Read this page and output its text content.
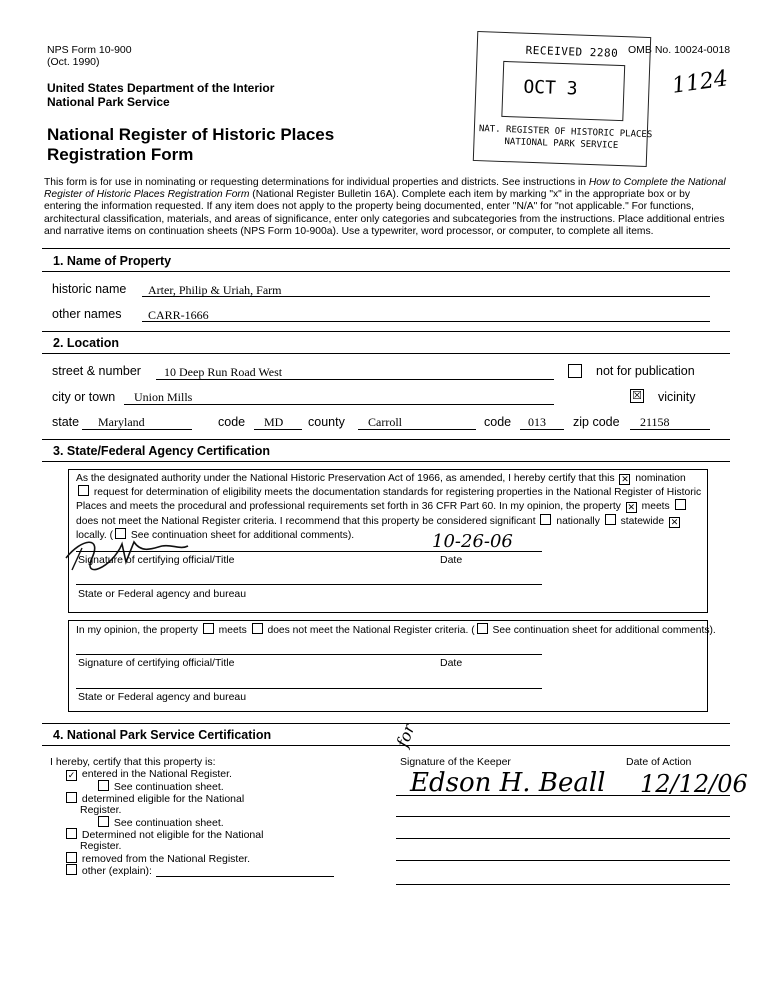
NPS Form 10-900
(Oct. 1990)
OMB No. 10024-0018
United States Department of the Interior
National Park Service
National Register of Historic Places
Registration Form
1124
RECEIVED 2280
OCT 3
NAT. REGISTER OF HISTORIC PLACES
NATIONAL PARK SERVICE
This form is for use in nominating or requesting determinations for individual properties and districts. See instructions in How to Complete the National Register of Historic Places Registration Form (National Register Bulletin 16A). Complete each item by marking "x" in the appropriate box or by entering the information requested. If any item does not apply to the property being documented, enter "N/A" for "not applicable." For functions, architectural classification, materials, and areas of significance, enter only categories and subcategories from the instructions. Place additional entries and narrative items on continuation sheets (NPS Form 10-900a). Use a typewriter, word processor, or computer, to complete all items.
1. Name of Property
historic name Arter, Philip & Uriah, Farm
other names CARR-1666
2. Location
street & number 10 Deep Run Road West	not for publication
city or town Union Mills	☒ vicinity
state Maryland	code MD county Carroll	code 013 zip code 21158
3. State/Federal Agency Certification
As the designated authority under the National Historic Preservation Act of 1966, as amended, I hereby certify that this ✕ nomination  request for determination of eligibility meets the documentation standards for registering properties in the National Register of Historic Places and meets the procedural and professional requirements set forth in 36 CFR Part 60. In my opinion, the property ✕ meets  does not meet the National Register criteria. I recommend that this property be considered significant nationally statewide ✕ locally. ( See continuation sheet for additional comments).	10-26-06
Signature of certifying official/Title	Date
State or Federal agency and bureau
In my opinion, the property meets does not meet the National Register criteria. ( See continuation sheet for additional comments).
Signature of certifying official/Title	Date
State or Federal agency and bureau
4. National Park Service Certification
I hereby, certify that this property is:
✓ entered in the National Register.
See continuation sheet.
determined eligible for the National
Register.
See continuation sheet.
Determined not eligible for the National
Register.
removed from the National Register.
other (explain):
Signature of the Keeper	Date of Action
for
Edson H. Beall 12/12/06
